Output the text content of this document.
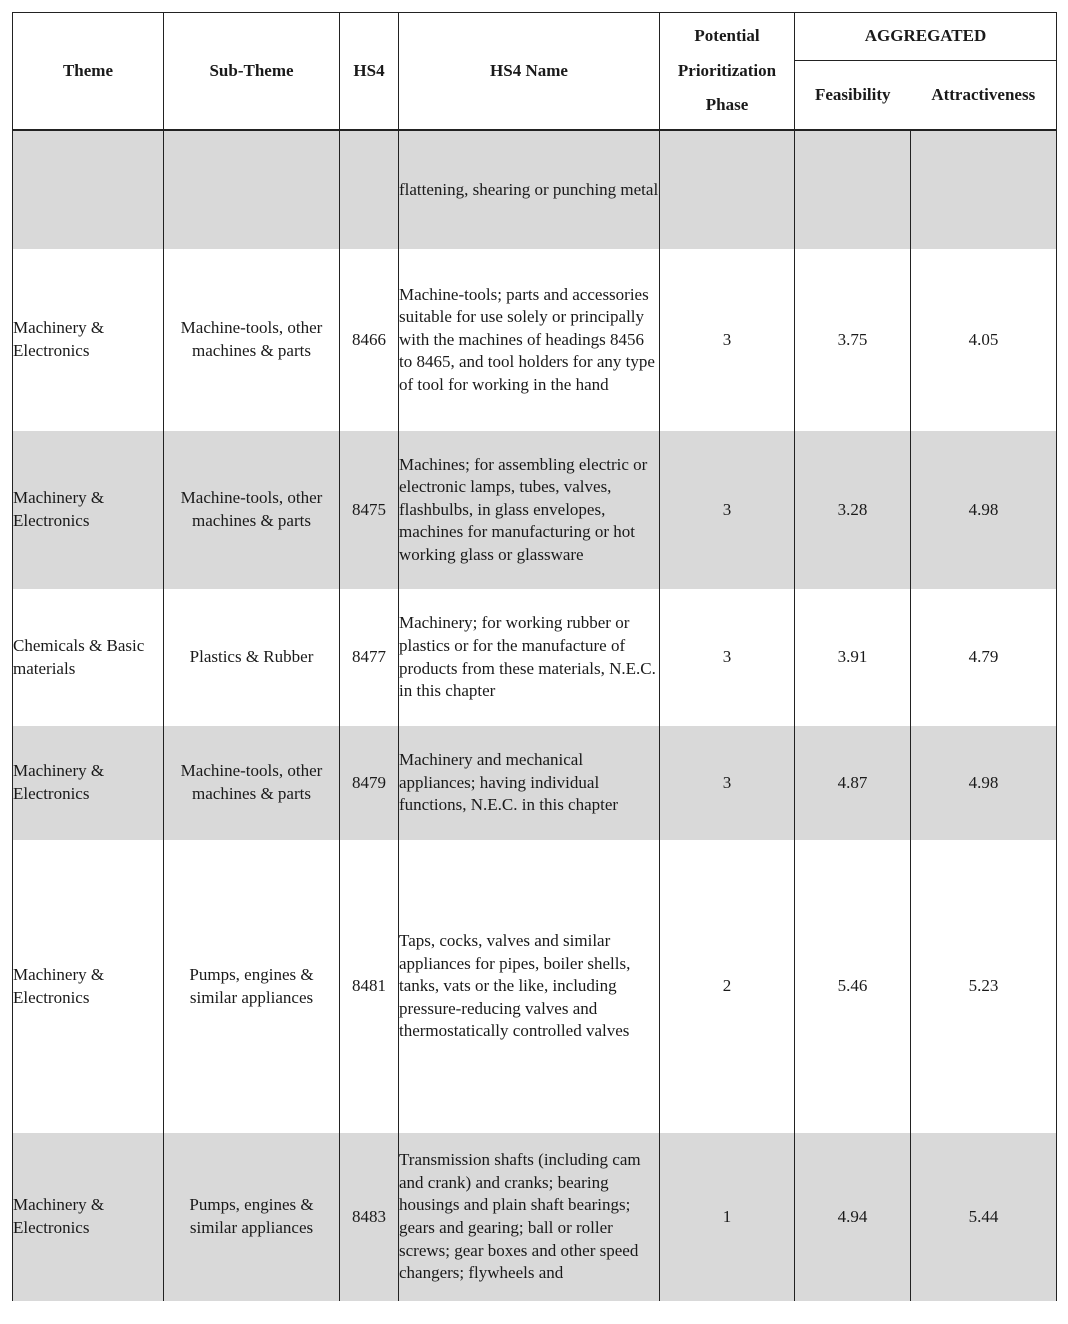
Theme	Sub-Theme	HS4	HS4 Name	Potential
Prioritization
Phase	AGGREGATED	
					Feasibility	Attractiveness
			flattening, shearing or punching metal			
Machinery & Electronics	Machine-tools, other machines & parts	8466	Machine-tools; parts and accessories suitable for use solely or principally with the machines of headings 8456 to 8465, and tool holders for any type of tool for working in the hand	3	3.75	4.05
Machinery & Electronics	Machine-tools, other machines & parts	8475	Machines; for assembling electric or electronic lamps, tubes, valves, flashbulbs, in glass envelopes, machines for manufacturing or hot working glass or glassware	3	3.28	4.98
Chemicals & Basic materials	Plastics & Rubber	8477	Machinery; for working rubber or plastics or for the manufacture of products from these materials, N.E.C. in this chapter	3	3.91	4.79
Machinery & Electronics	Machine-tools, other machines & parts	8479	Machinery and mechanical appliances; having individual functions, N.E.C. in this chapter	3	4.87	4.98
Machinery & Electronics	Pumps, engines & similar appliances	8481	Taps, cocks, valves and similar appliances for pipes, boiler shells, tanks, vats or the like, including pressure-reducing valves and thermostatically controlled valves	2	5.46	5.23
Machinery & Electronics	Pumps, engines & similar appliances	8483	Transmission shafts (including cam and crank) and cranks; bearing housings and plain shaft bearings; gears and gearing; ball or roller screws; gear boxes and other speed changers; flywheels and	1	4.94	5.44
